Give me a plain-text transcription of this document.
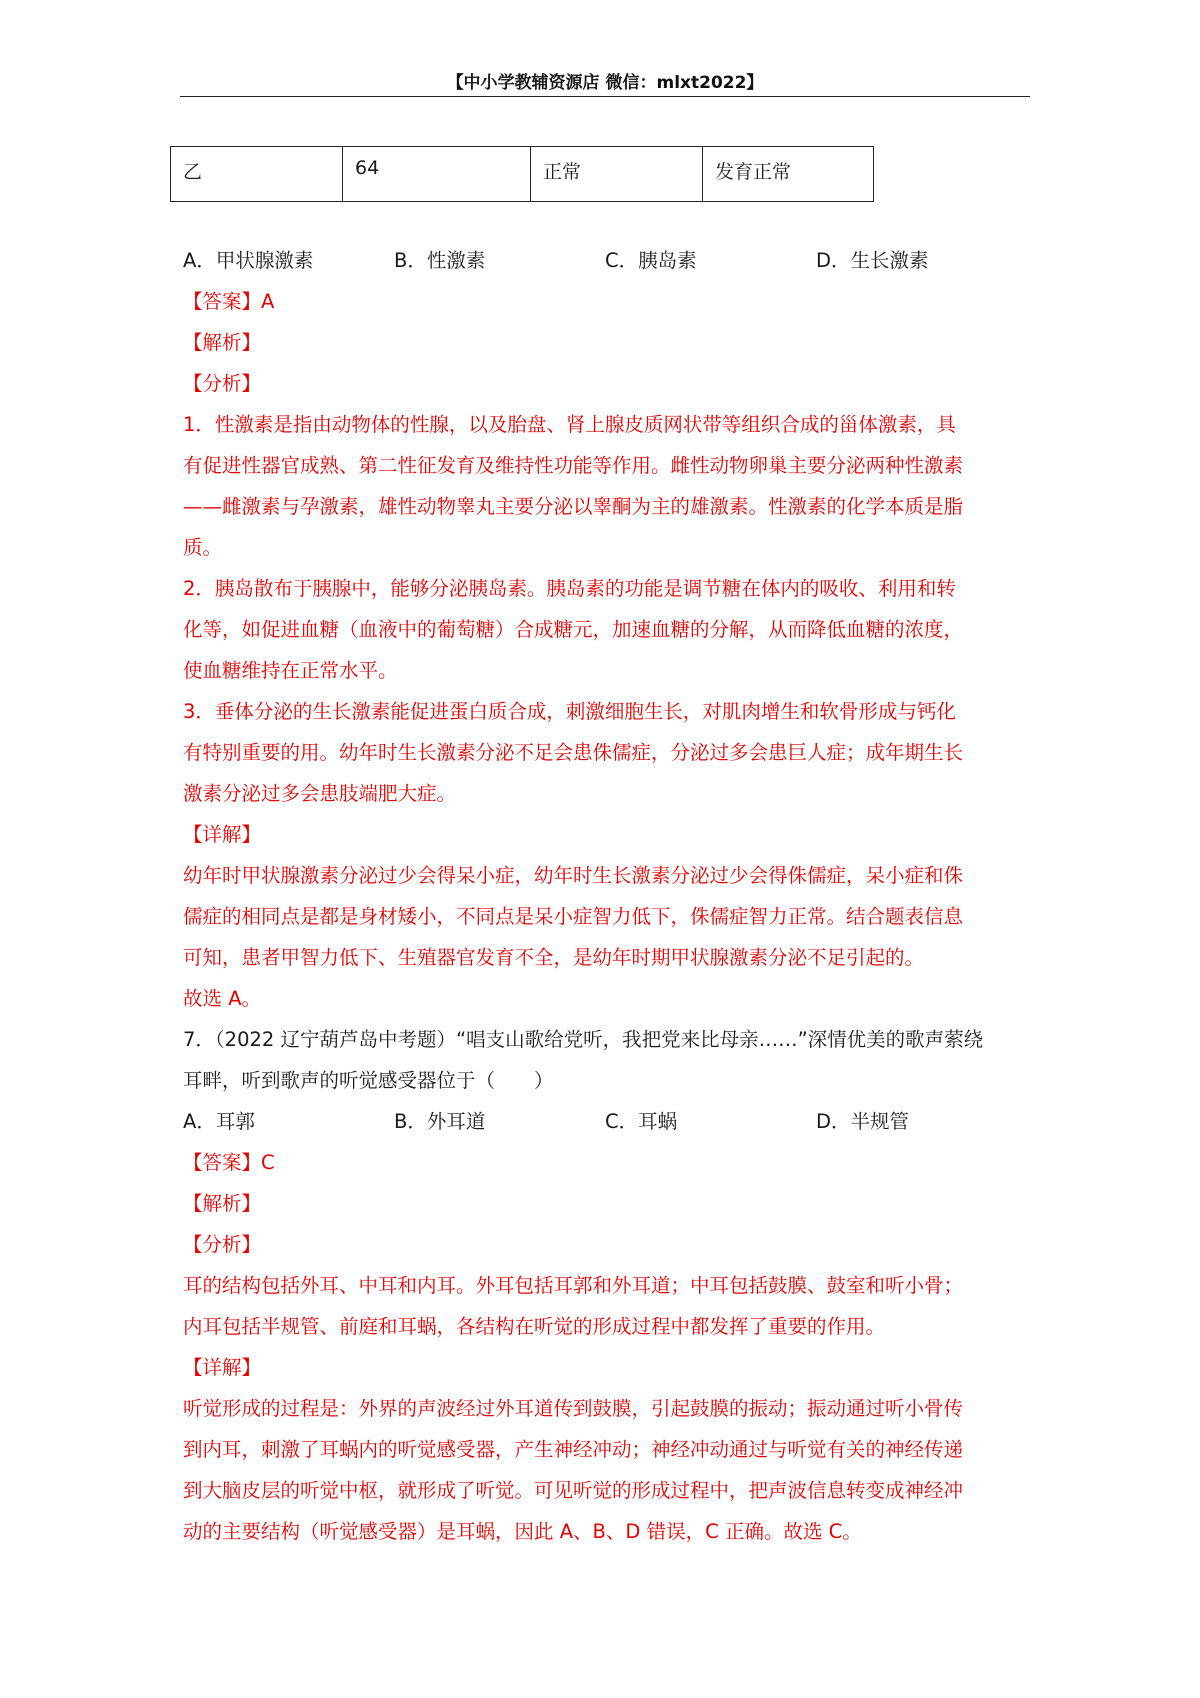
【中小学教辅资源店 微信：mlxt2022】
乙	64	正常	发育正常
A．甲状腺激素	B．性激素	C．胰岛素	D．生长激素
【答案】A
【解析】
【分析】
1．性激素是指由动物体的性腺，以及胎盘、肾上腺皮质网状带等组织合成的甾体激素，具
有促进性器官成熟、第二性征发育及维持性功能等作用。雌性动物卵巢主要分泌两种性激素
——雌激素与孕激素，雄性动物睾丸主要分泌以睾酮为主的雄激素。性激素的化学本质是脂
质。
2．胰岛散布于胰腺中，能够分泌胰岛素。胰岛素的功能是调节糖在体内的吸收、利用和转
化等，如促进血糖（血液中的葡萄糖）合成糖元，加速血糖的分解，从而降低血糖的浓度，
使血糖维持在正常水平。
3．垂体分泌的生长激素能促进蛋白质合成，刺激细胞生长，对肌肉增生和软骨形成与钙化
有特别重要的用。幼年时生长激素分泌不足会患侏儒症，分泌过多会患巨人症；成年期生长
激素分泌过多会患肢端肥大症。
【详解】
幼年时甲状腺激素分泌过少会得呆小症，幼年时生长激素分泌过少会得侏儒症，呆小症和侏
儒症的相同点是都是身材矮小，不同点是呆小症智力低下，侏儒症智力正常。结合题表信息
可知，患者甲智力低下、生殖器官发育不全，是幼年时期甲状腺激素分泌不足引起的。
故选 A。
7．（2022 辽宁葫芦岛中考题）“唱支山歌给党听，我把党来比母亲……”深情优美的歌声萦绕
耳畔，听到歌声的听觉感受器位于（　　）
A．耳郭	B．外耳道	C．耳蜗	D．半规管
【答案】C
【解析】
【分析】
耳的结构包括外耳、中耳和内耳。外耳包括耳郭和外耳道；中耳包括鼓膜、鼓室和听小骨；
内耳包括半规管、前庭和耳蜗，各结构在听觉的形成过程中都发挥了重要的作用。
【详解】
听觉形成的过程是：外界的声波经过外耳道传到鼓膜，引起鼓膜的振动；振动通过听小骨传
到内耳，刺激了耳蜗内的听觉感受器，产生神经冲动；神经冲动通过与听觉有关的神经传递
到大脑皮层的听觉中枢，就形成了听觉。可见听觉的形成过程中，把声波信息转变成神经冲
动的主要结构（听觉感受器）是耳蜗，因此 A、B、D 错误，C 正确。故选 C。
